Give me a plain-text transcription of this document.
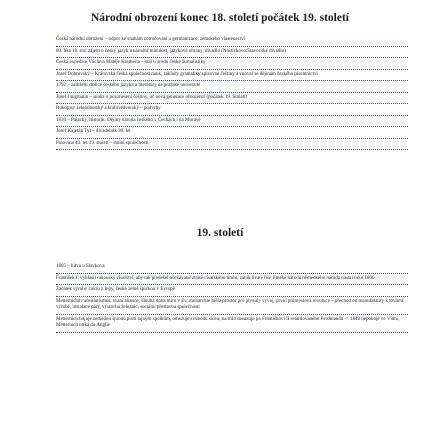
Národní obrození konec 18. století počátek 19. století
Česká národní obrození – odpor ke snahám zotročování a germanizace, zemského vlastenectví
80. léta 18. stol zájem o český jazyk a národní minulost, jazykové obrany, divadlo (Nostickovo/Stavovské divadlo)
Česká expedice Václava Matěje Krameria – stál u zrodu české žurnalistiky
Josef Dobrovský – Královská česká společnost nauk, základy gramatiky spisovné češtiny a vnoval se dějinám českého písemnictví
1792 – založení stolice českého jazyka a literatury na pražské univerzitě
Josef Jungmann – snaha o povznesení češtiny, uč nová generace obrozenci (počátek 19. Století)
Rukopisy zelenohorský a královédvorský – podvrhy
1830 – Palacký, historik, Dějiny národa českého v Čechách i na Moravě
Josef Kajetán Tyl – divadelník 30. let
Polovina 40. let 19. století – stolní společnosti
19. století
1805 – bitva u Slavkova
František I. vyhlásil rakouský císařství, aby tak předešel očekávané ztrátě císařského titulu, zánik Svaté říše římské národa německého národa nastal roku 1806
Začátek výroby cukru z řepy, české země špičkou v Evropě
Metternichův absolutismus, svatá aliance, dlouhá doba míru v Ev, monarchie měla prostor pro plynulý vývoj, první průmyslová revoluce – přechod od manufaktury k tovární výrobě, instalace páry, výstavba železnic, sociální přestavba společnosti
Metternich bojuje zemědou špionů proti tajným spolkům, omezuje svobodu slova, na trůn dosazuje po Františkovi II retardovaného Ferdinanda -> 1848 nepokoje ve Vídni, Metternich utíká do Anglie
